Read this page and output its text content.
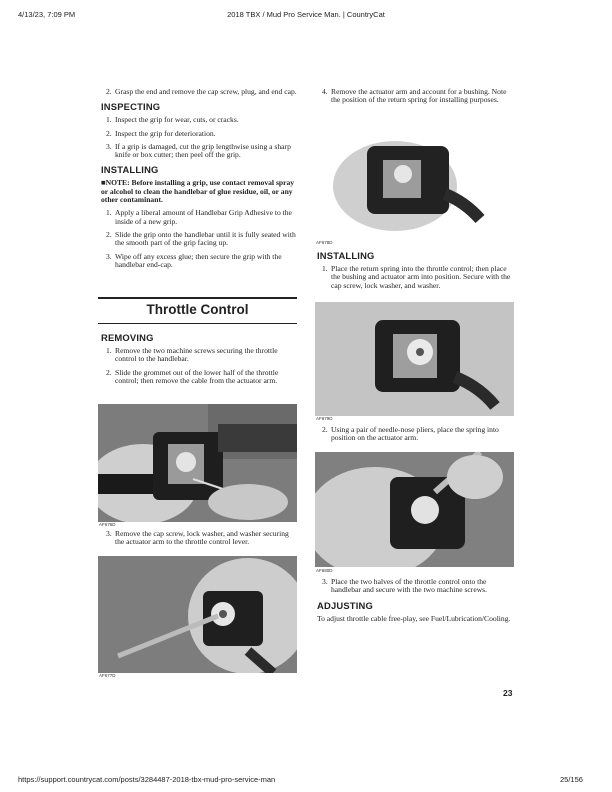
4/13/23, 7:09 PM	2018 TBX / Mud Pro Service Man. | CountryCat

2. Grasp the end and remove the cap screw, plug, and end cap.

INSPECTING

1. Inspect the grip for wear, cuts, or cracks.

2. Inspect the grip for deterioration.

3. If a grip is damaged, cut the grip lengthwise using a sharp knife or box cutter; then peel off the grip.

INSTALLING

■NOTE: Before installing a grip, use contact removal spray or alcohol to clean the handlebar of glue residue, oil, or any other contaminant.

1. Apply a liberal amount of Handlebar Grip Adhesive to the inside of a new grip.

2. Slide the grip onto the handlebar until it is fully seated with the smooth part of the grip facing up.

3. Wipe off any excess glue; then secure the grip with the handlebar end-cap.

Throttle Control
REMOVING

1. Remove the two machine screws securing the throttle control to the handlebar.

2. Slide the grommet out of the lower half of the throttle control; then remove the cable from the actuator arm.

AF676D

3. Remove the cap screw, lock washer, and washer securing the actuator arm to the throttle control lever.

AF677D

4. Remove the actuator arm and account for a bushing. Note the position of the return spring for installing purposes.

AF678D
INSTALLING

1. Place the return spring into the throttle control; then place the bushing and actuator arm into position. Secure with the cap screw, lock washer, and washer.

AF679D

2. Using a pair of needle-nose pliers, place the spring into position on the actuator arm.

AF680D

3. Place the two halves of the throttle control onto the handlebar and secure with the two machine screws.

ADJUSTING

To adjust throttle cable free-play, see Fuel/Lubrication/Cooling.

23
https://support.countrycat.com/posts/3284487-2018-tbx-mud-pro-service-man	25/156
